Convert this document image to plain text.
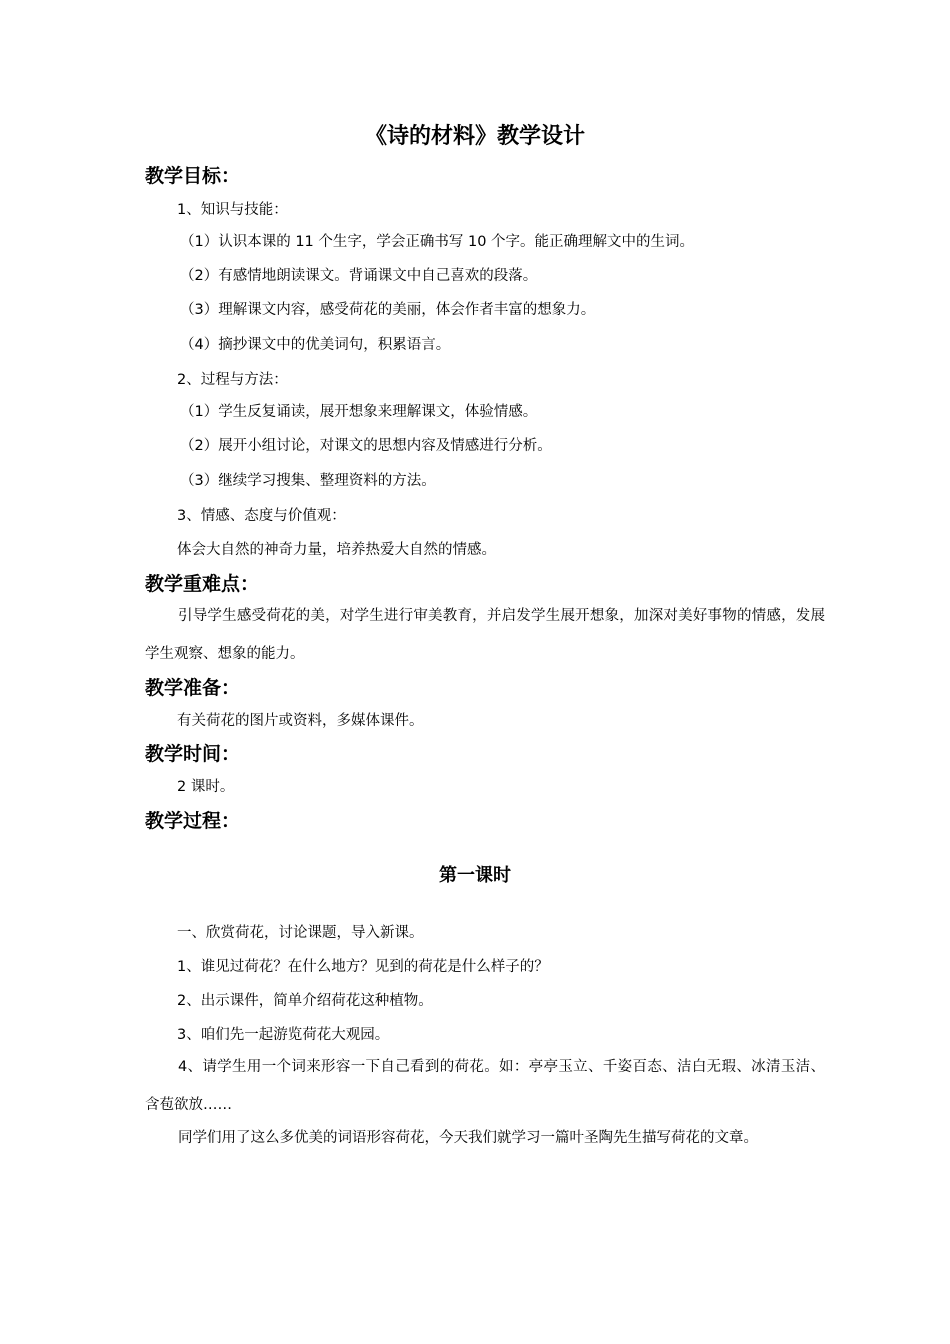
《诗的材料》教学设计
教学目标：
1、知识与技能：
（1）认识本课的 11 个生字，学会正确书写 10 个字。能正确理解文中的生词。
（2）有感情地朗读课文。背诵课文中自己喜欢的段落。
（3）理解课文内容，感受荷花的美丽，体会作者丰富的想象力。
（4）摘抄课文中的优美词句，积累语言。
2、过程与方法：
（1）学生反复诵读，展开想象来理解课文，体验情感。
（2）展开小组讨论，对课文的思想内容及情感进行分析。
（3）继续学习搜集、整理资料的方法。
3、情感、态度与价值观：
体会大自然的神奇力量，培养热爱大自然的情感。
教学重难点：
引导学生感受荷花的美，对学生进行审美教育，并启发学生展开想象，加深对美好事物的情感，发展学生观察、想象的能力。
教学准备：
有关荷花的图片或资料，多媒体课件。
教学时间：
2 课时。
教学过程：
第一课时
一、欣赏荷花，讨论课题，导入新课。
1、谁见过荷花？在什么地方？见到的荷花是什么样子的？
2、出示课件，简单介绍荷花这种植物。
3、咱们先一起游览荷花大观园。
4、请学生用一个词来形容一下自己看到的荷花。如：亭亭玉立、千姿百态、洁白无瑕、冰清玉洁、含苞欲放……
同学们用了这么多优美的词语形容荷花，今天我们就学习一篇叶圣陶先生描写荷花的文章。
